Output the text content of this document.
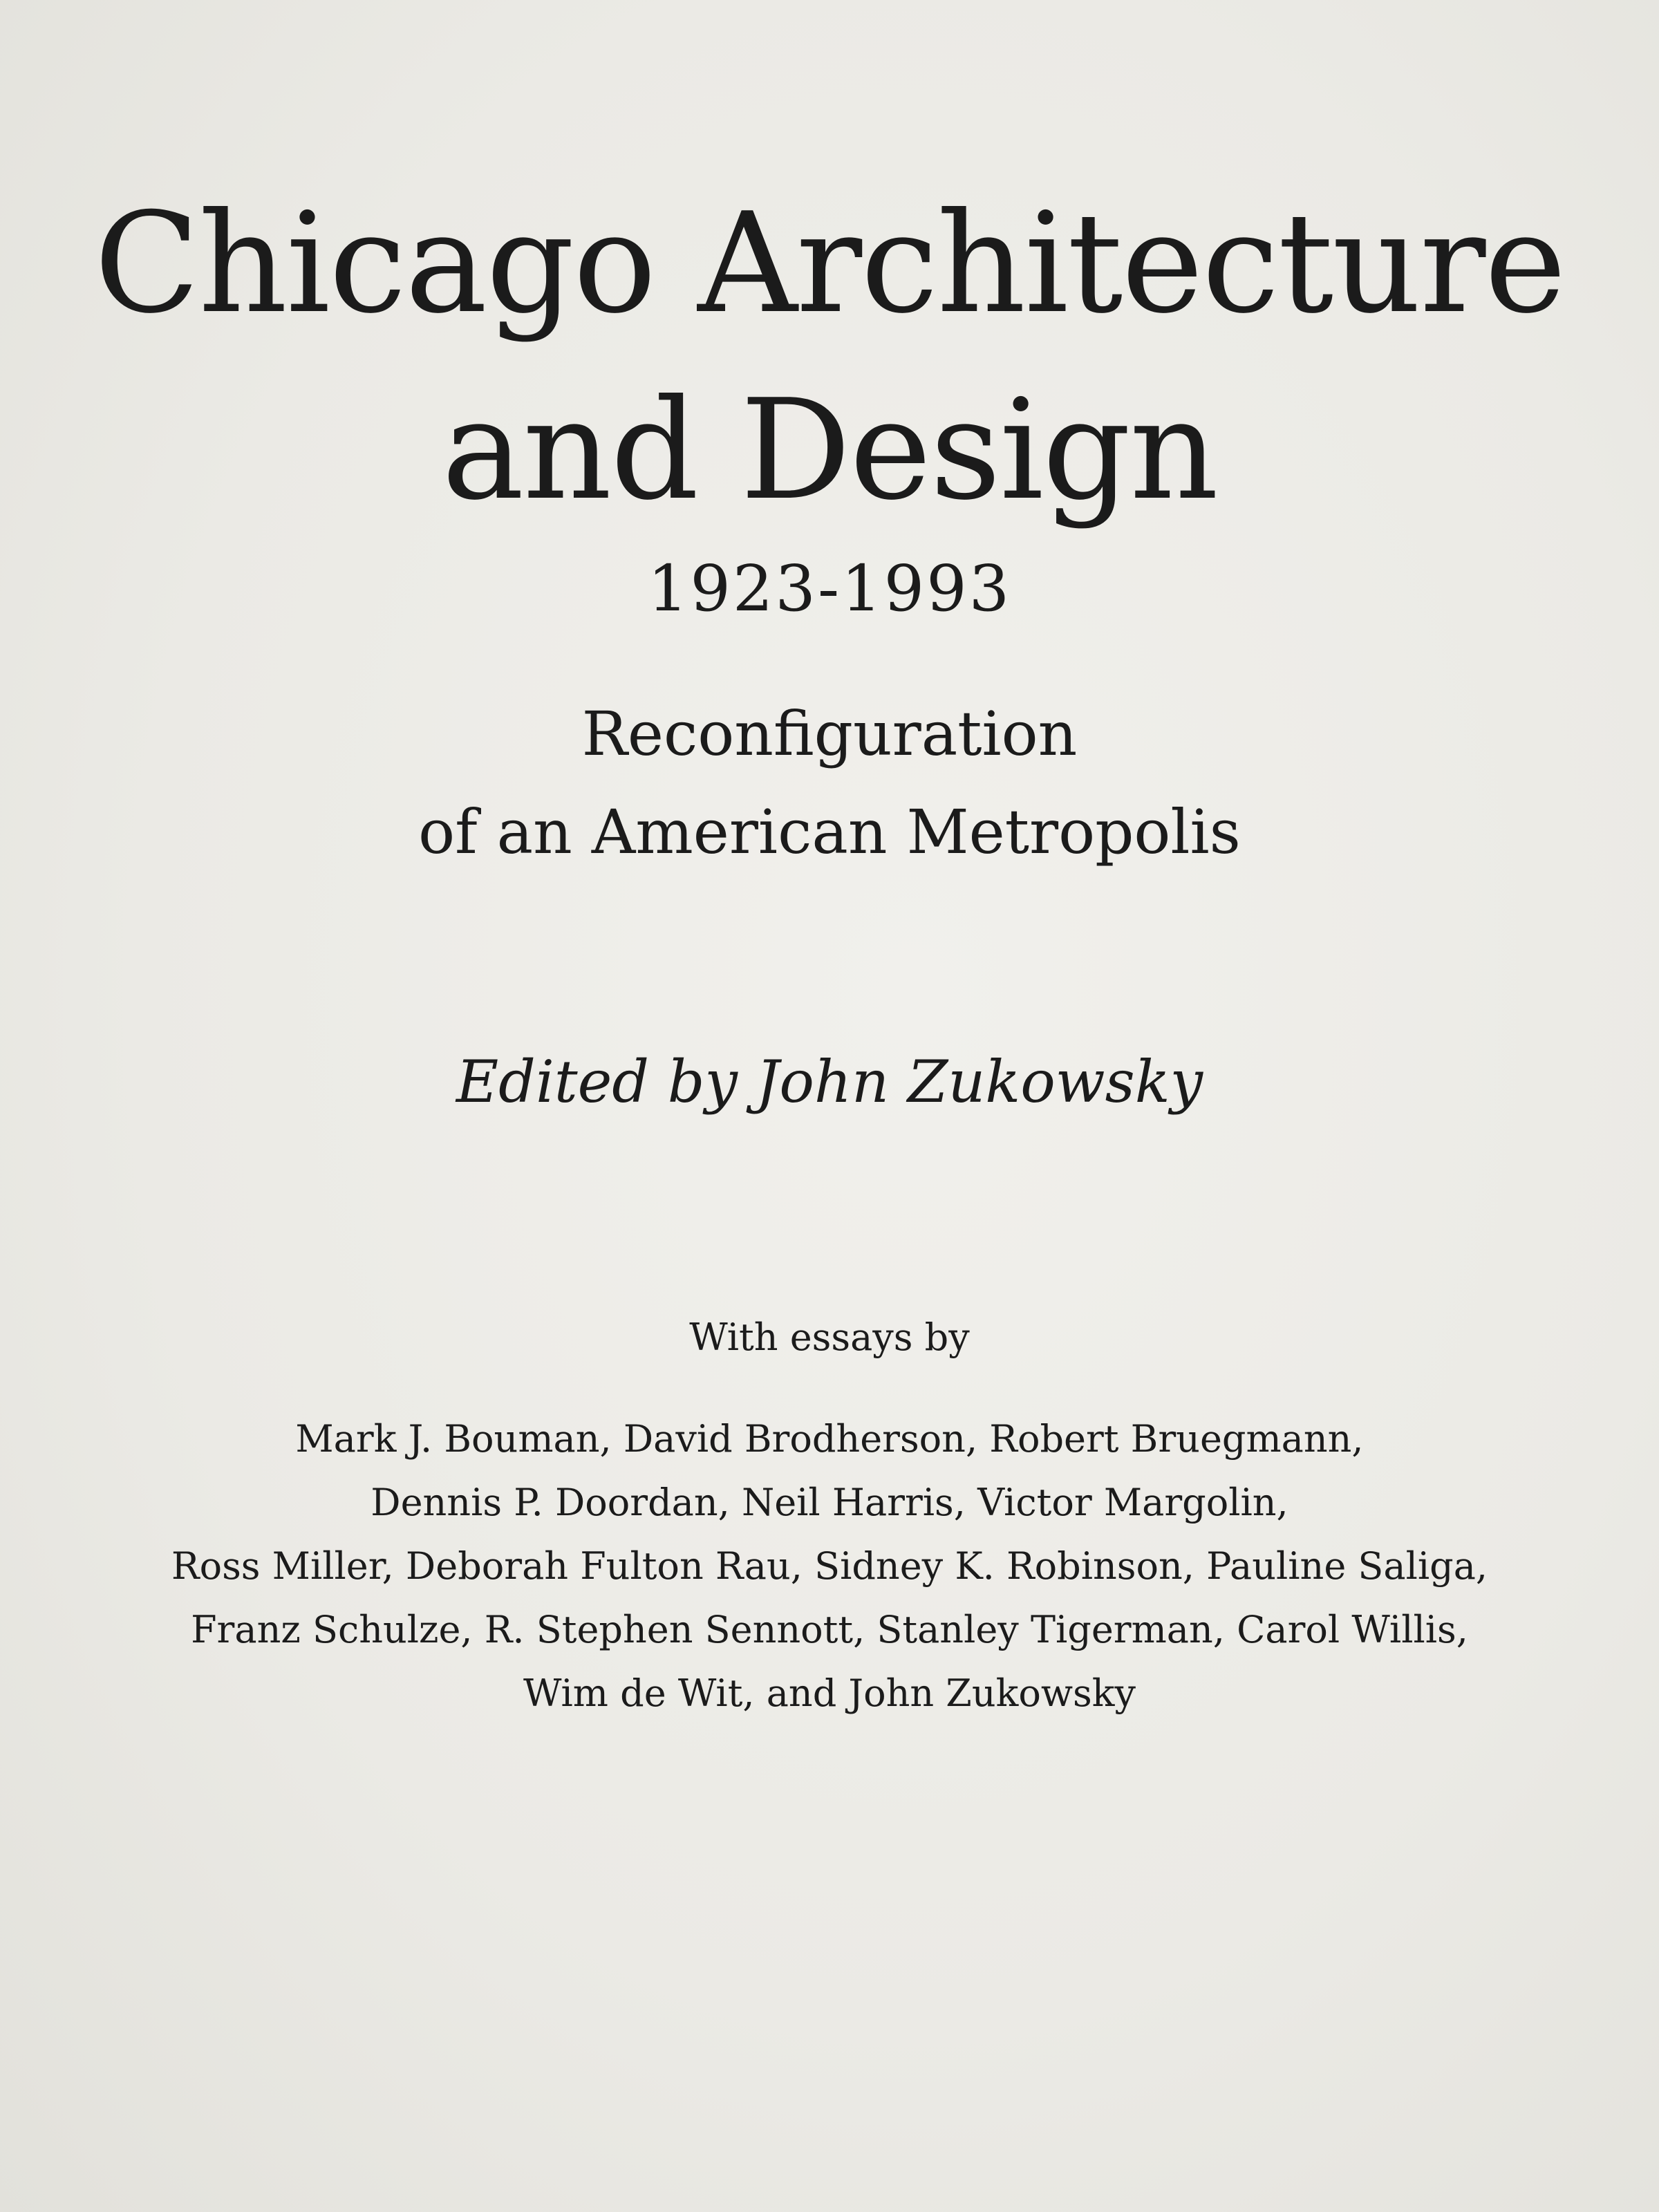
Chicago Architecture
and Design
1923-1993
Reconfiguration
of an American Metropolis
Edited by John Zukowsky
With essays by
Mark J. Bouman, David Brodherson, Robert Bruegmann,
Dennis P. Doordan, Neil Harris, Victor Margolin,
Ross Miller, Deborah Fulton Rau, Sidney K. Robinson, Pauline Saliga,
Franz Schulze, R. Stephen Sennott, Stanley Tigerman, Carol Willis,
Wim de Wit, and John Zukowsky
